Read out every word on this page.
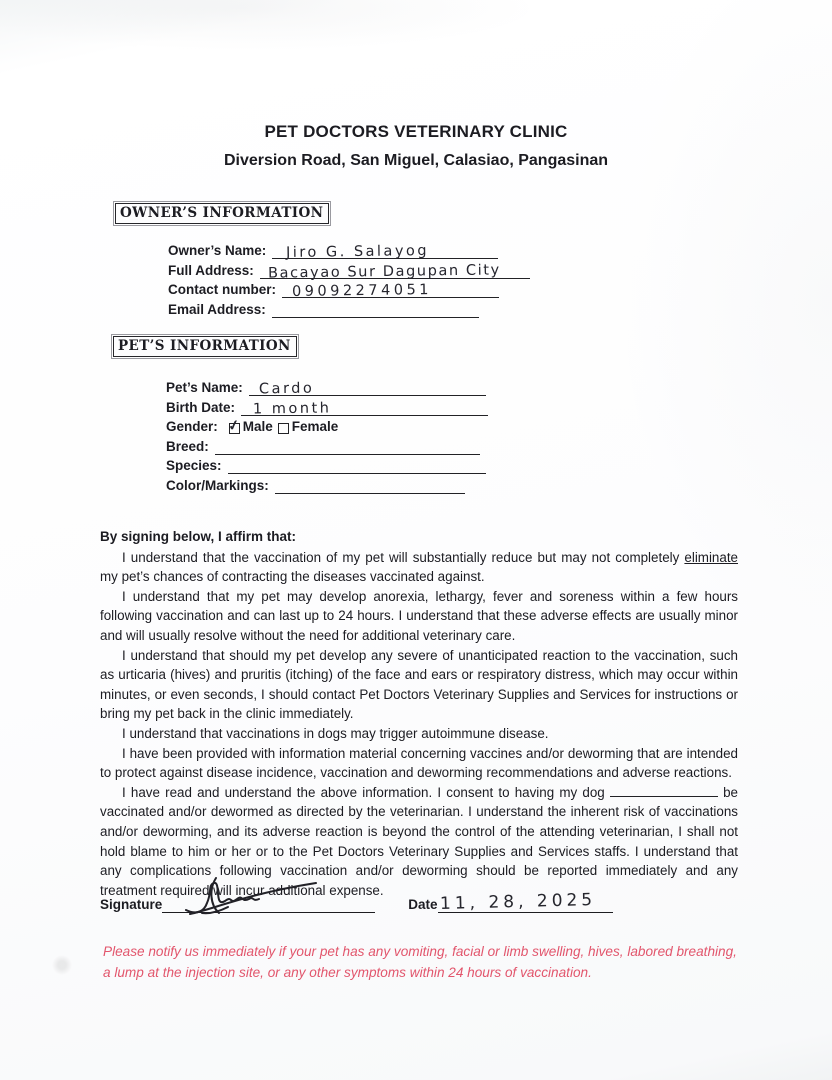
PET DOCTORS VETERINARY CLINIC
Diversion Road, San Miguel, Calasiao, Pangasinan
OWNER’S INFORMATION
Owner’s Name: Jiro G. Salayog
Full Address: Bacayao Sur Dagupan City
Contact number: 09092274051
Email Address:
PET’S INFORMATION
Pet’s Name: Cardo
Birth Date: 1 month
Gender: ✓ Male Female
Breed:
Species:
Color/Markings:

By signing below, I affirm that:

I understand that the vaccination of my pet will substantially reduce but may not completely eliminate my pet’s chances of contracting the diseases vaccinated against.

I understand that my pet may develop anorexia, lethargy, fever and soreness within a few hours following vaccination and can last up to 24 hours. I understand that these adverse effects are usually minor and will usually resolve without the need for additional veterinary care.

I understand that should my pet develop any severe of unanticipated reaction to the vaccination, such as urticaria (hives) and pruritis (itching) of the face and ears or respiratory distress, which may occur within minutes, or even seconds, I should contact Pet Doctors Veterinary Supplies and Services for instructions or bring my pet back in the clinic immediately.

I understand that vaccinations in dogs may trigger autoimmune disease.

I have been provided with information material concerning vaccines and/or deworming that are intended to protect against disease incidence, vaccination and deworming recommendations and adverse reactions.

I have read and understand the above information. I consent to having my dog	be vaccinated and/or dewormed as directed by the veterinarian. I understand the inherent risk of vaccinations and/or deworming, and its adverse reaction is beyond the control of the attending veterinarian, I shall not hold blame to him or her or to the Pet Doctors Veterinary Supplies and Services staffs. I understand that any complications following vaccination and/or deworming should be reported immediately and any treatment required will incur additional expense.

Signature	Date 11, 28, 2025

Please notify us immediately if your pet has any vomiting, facial or limb swelling, hives, labored breathing, a lump at the injection site, or any other symptoms within 24 hours of vaccination.
